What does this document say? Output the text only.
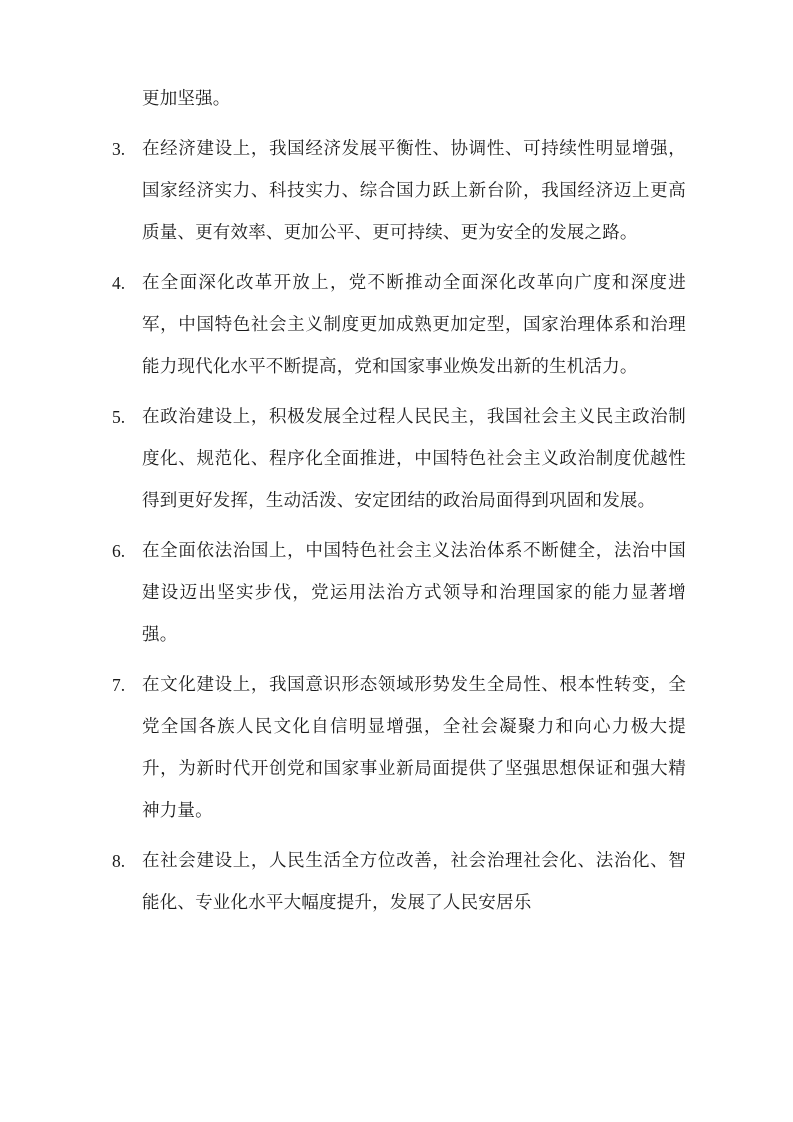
更加坚强。
3. 在经济建设上，我国经济发展平衡性、协调性、可持续性明显增强，国家经济实力、科技实力、综合国力跃上新台阶，我国经济迈上更高质量、更有效率、更加公平、更可持续、更为安全的发展之路。
4. 在全面深化改革开放上，党不断推动全面深化改革向广度和深度进军，中国特色社会主义制度更加成熟更加定型，国家治理体系和治理能力现代化水平不断提高，党和国家事业焕发出新的生机活力。
5. 在政治建设上，积极发展全过程人民民主，我国社会主义民主政治制度化、规范化、程序化全面推进，中国特色社会主义政治制度优越性得到更好发挥，生动活泼、安定团结的政治局面得到巩固和发展。
6. 在全面依法治国上，中国特色社会主义法治体系不断健全，法治中国建设迈出坚实步伐，党运用法治方式领导和治理国家的能力显著增强。
7. 在文化建设上，我国意识形态领域形势发生全局性、根本性转变，全党全国各族人民文化自信明显增强，全社会凝聚力和向心力极大提升，为新时代开创党和国家事业新局面提供了坚强思想保证和强大精神力量。
8. 在社会建设上，人民生活全方位改善，社会治理社会化、法治化、智能化、专业化水平大幅度提升，发展了人民安居乐
